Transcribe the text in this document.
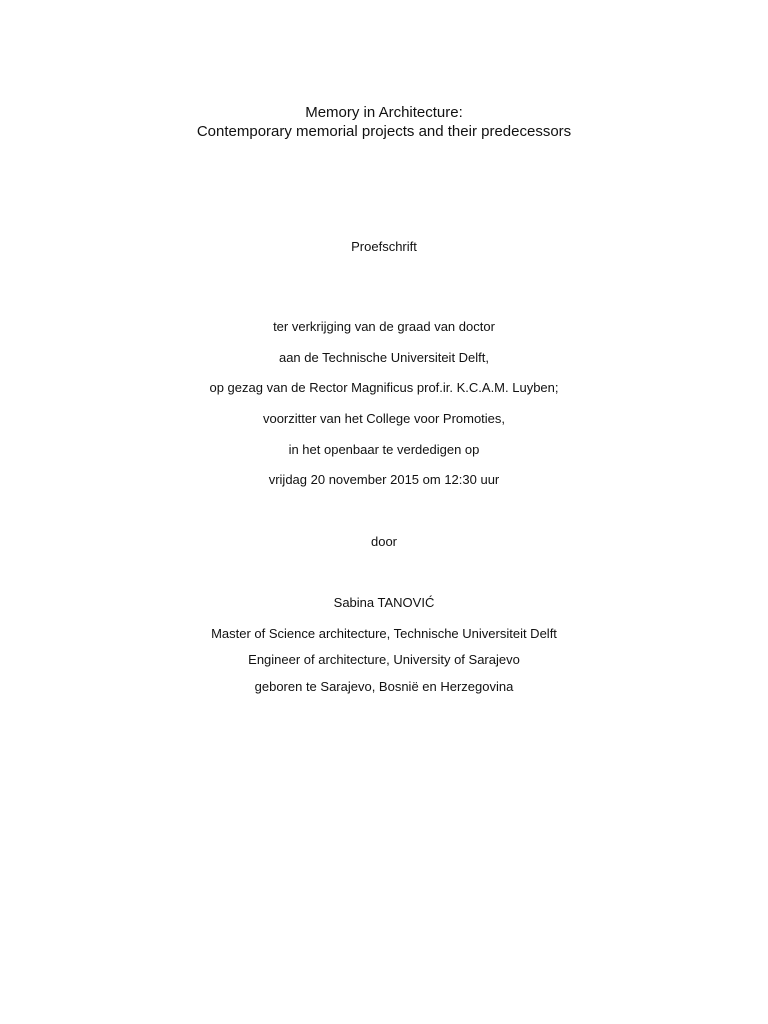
Memory in Architecture:
Contemporary memorial projects and their predecessors
Proefschrift
ter verkrijging van de graad van doctor
aan de Technische Universiteit Delft,
op gezag van de Rector Magnificus prof.ir. K.C.A.M. Luyben;
voorzitter van het College voor Promoties,
in het openbaar te verdedigen op
vrijdag 20 november 2015 om 12:30 uur
door
Sabina TANOVIĆ
Master of Science architecture, Technische Universiteit Delft
Engineer of architecture, University of Sarajevo
geboren te Sarajevo, Bosnië en Herzegovina
